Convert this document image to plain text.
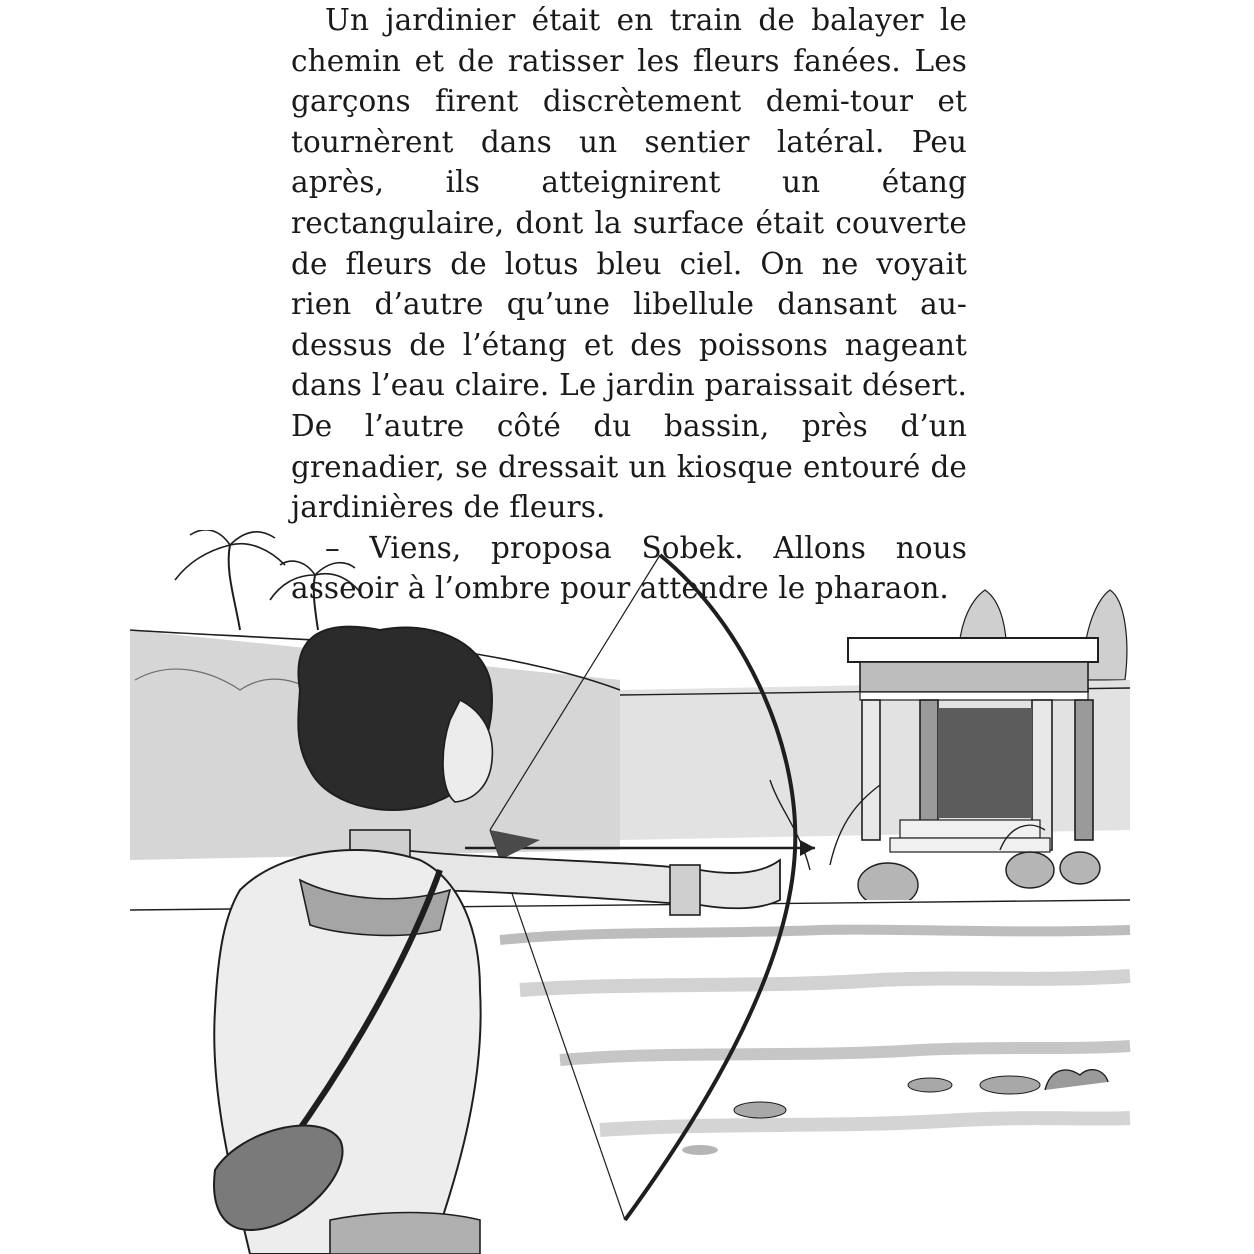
Un jardinier était en train de balayer le chemin et de ratisser les fleurs fanées. Les garçons firent discrètement demi-tour et tournèrent dans un sentier latéral. Peu après, ils atteignirent un étang rectangulaire, dont la surface était couverte de fleurs de lotus bleu ciel. On ne voyait rien d’autre qu’une libellule dansant au-dessus de l’étang et des poissons nageant dans l’eau claire. Le jardin paraissait désert. De l’autre côté du bassin, près d’un grenadier, se dressait un kiosque entouré de jardinières de fleurs.

– Viens, proposa Sobek. Allons nous asseoir à l’ombre pour attendre le pharaon.
